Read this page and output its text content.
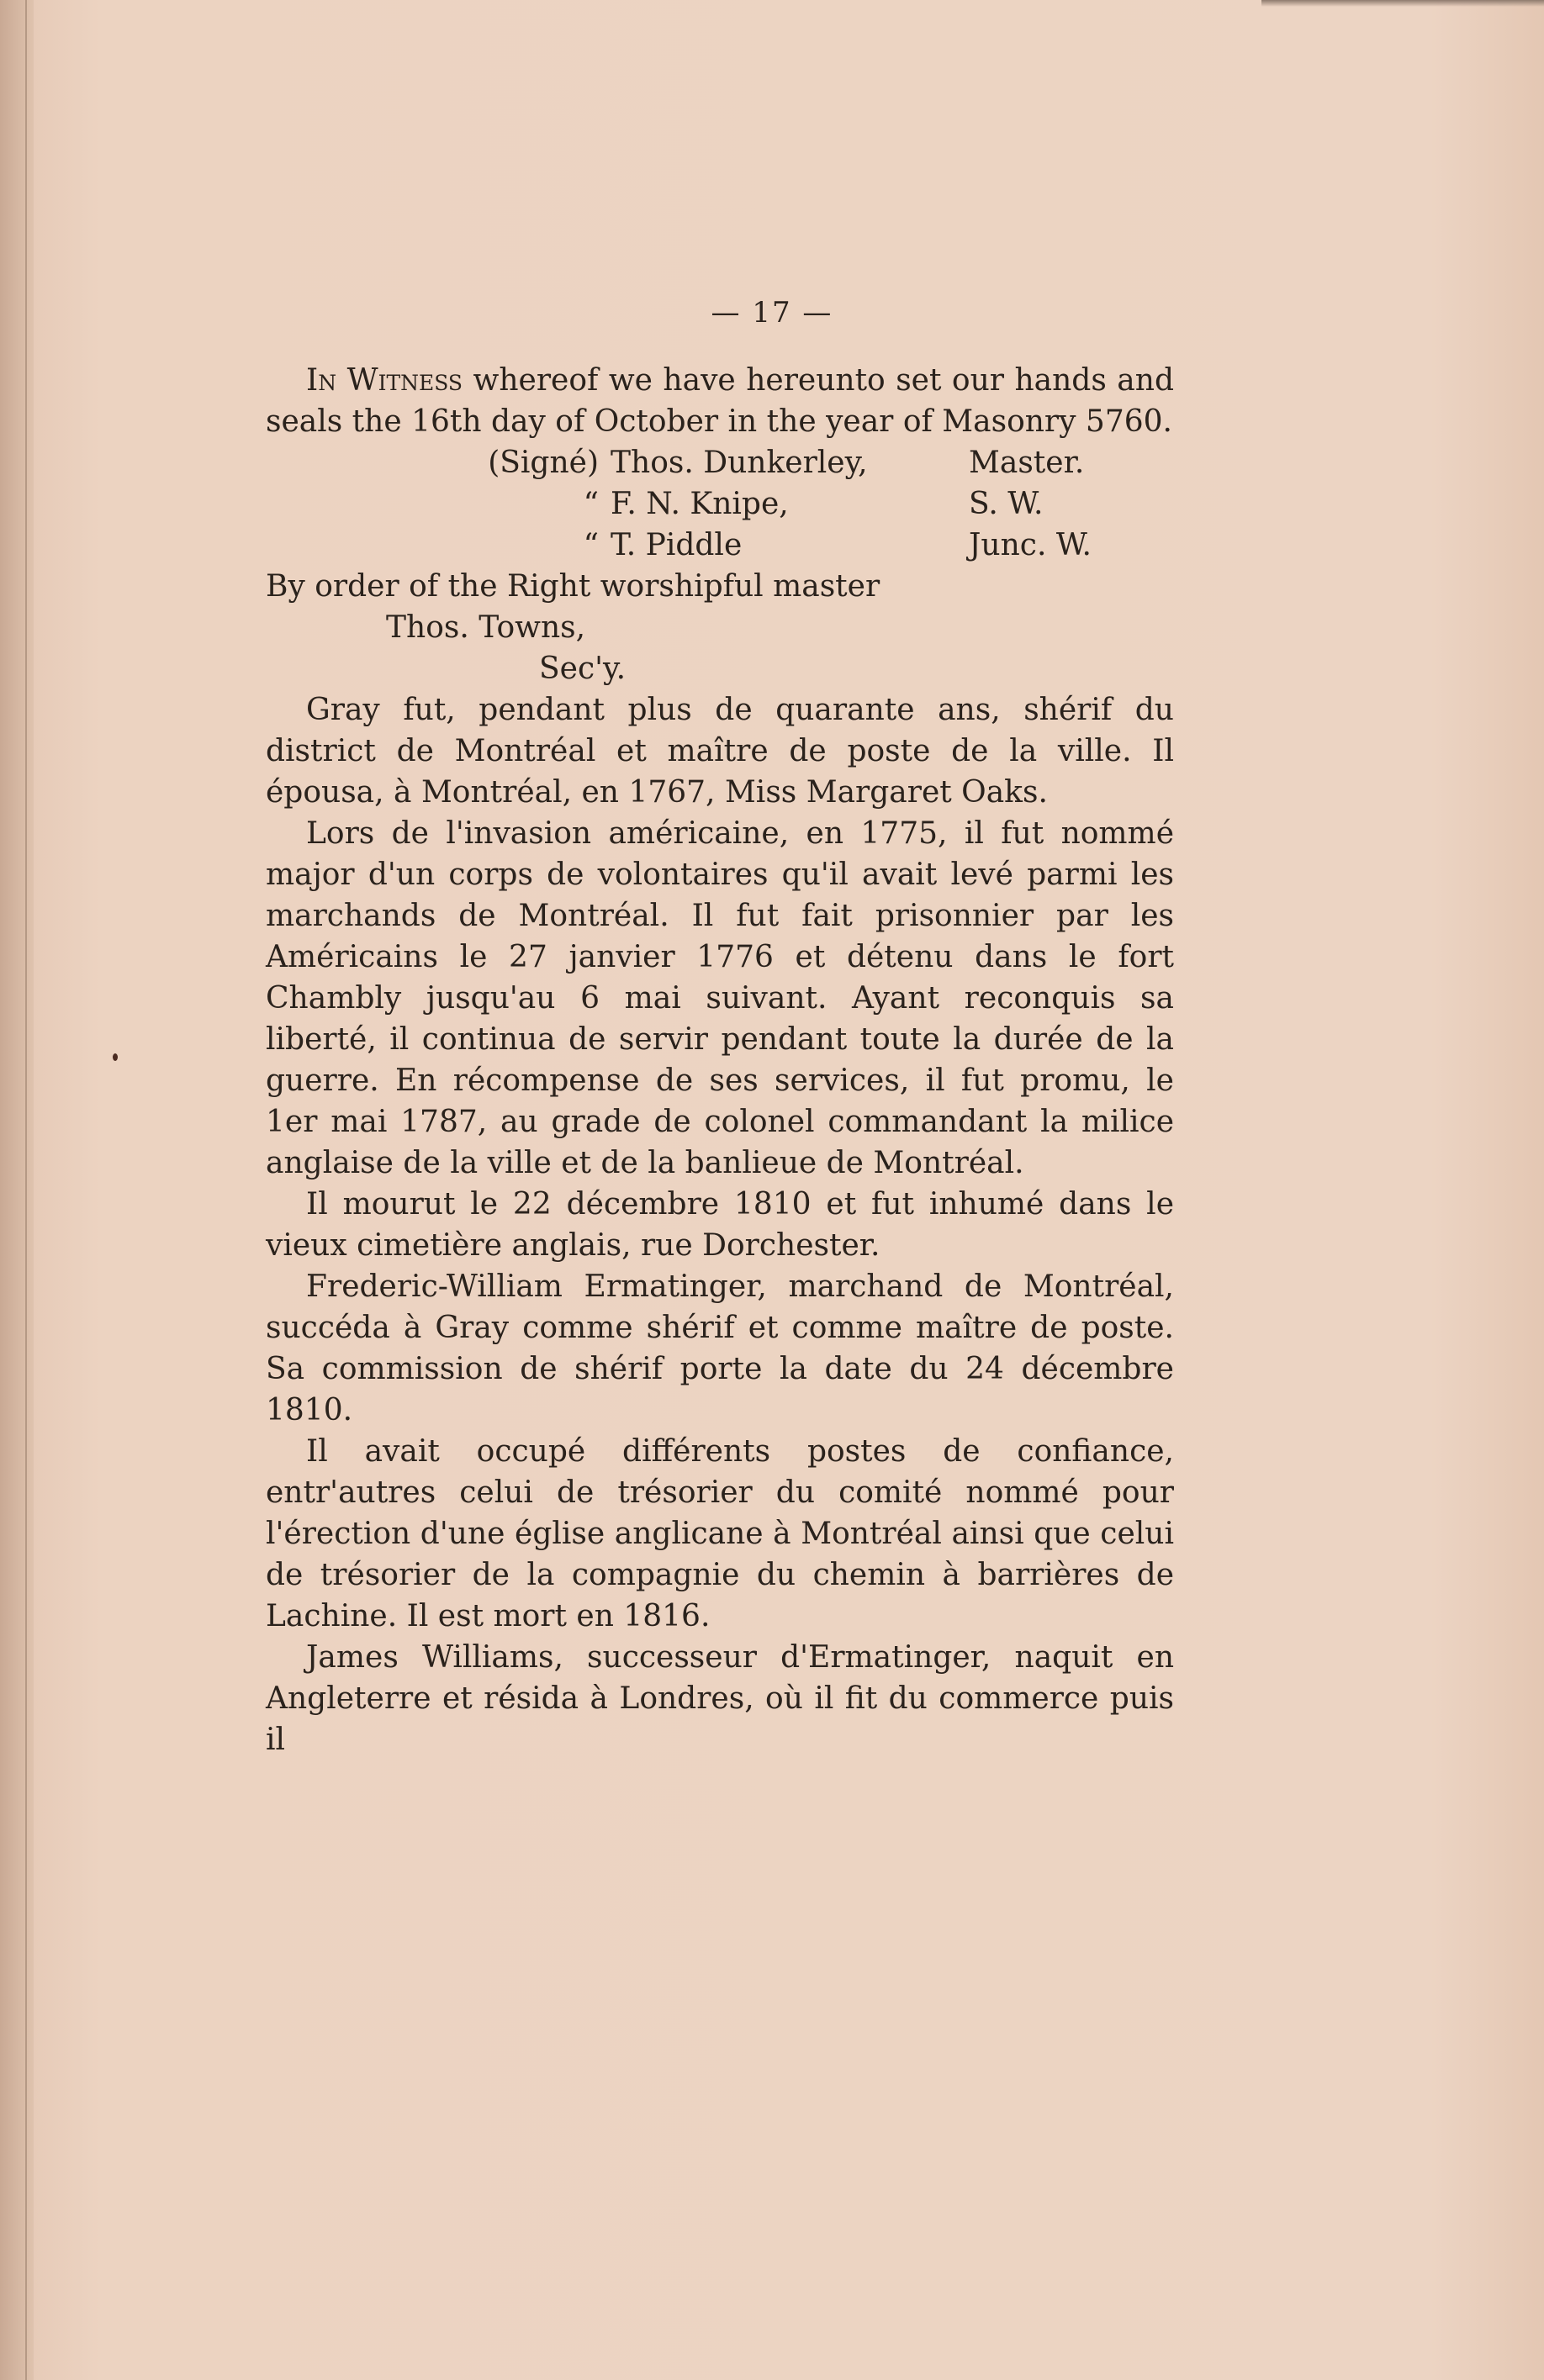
— 17 —

In Witness whereof we have hereunto set our hands and seals the 16th day of October in the year of Masonry 5760.

(Signé) Thos. Dunkerley,	Master.
“ F. N. Knipe,	S. W.
“ T. Piddle	Junc. W.
By order of the Right worshipful master
Thos. Towns,
Sec'y.

Gray fut, pendant plus de quarante ans, shérif du district de Montréal et maître de poste de la ville. Il épousa, à Montréal, en 1767, Miss Margaret Oaks.

Lors de l'invasion américaine, en 1775, il fut nommé major d'un corps de volontaires qu'il avait levé parmi les marchands de Montréal. Il fut fait prisonnier par les Américains le 27 janvier 1776 et détenu dans le fort Chambly jusqu'au 6 mai suivant. Ayant reconquis sa liberté, il continua de servir pendant toute la durée de la guerre. En récompense de ses services, il fut promu, le 1er mai 1787, au grade de colonel commandant la milice anglaise de la ville et de la banlieue de Montréal.

Il mourut le 22 décembre 1810 et fut inhumé dans le vieux cimetière anglais, rue Dorchester.

Frederic-William Ermatinger, marchand de Montréal, succéda à Gray comme shérif et comme maître de poste. Sa commission de shérif porte la date du 24 décembre 1810.

Il avait occupé différents postes de confiance, entr'autres celui de trésorier du comité nommé pour l'érection d'une église anglicane à Montréal ainsi que celui de trésorier de la compagnie du chemin à barrières de Lachine. Il est mort en 1816.

James Williams, successeur d'Ermatinger, naquit en Angleterre et résida à Londres, où il fit du commerce puis il
